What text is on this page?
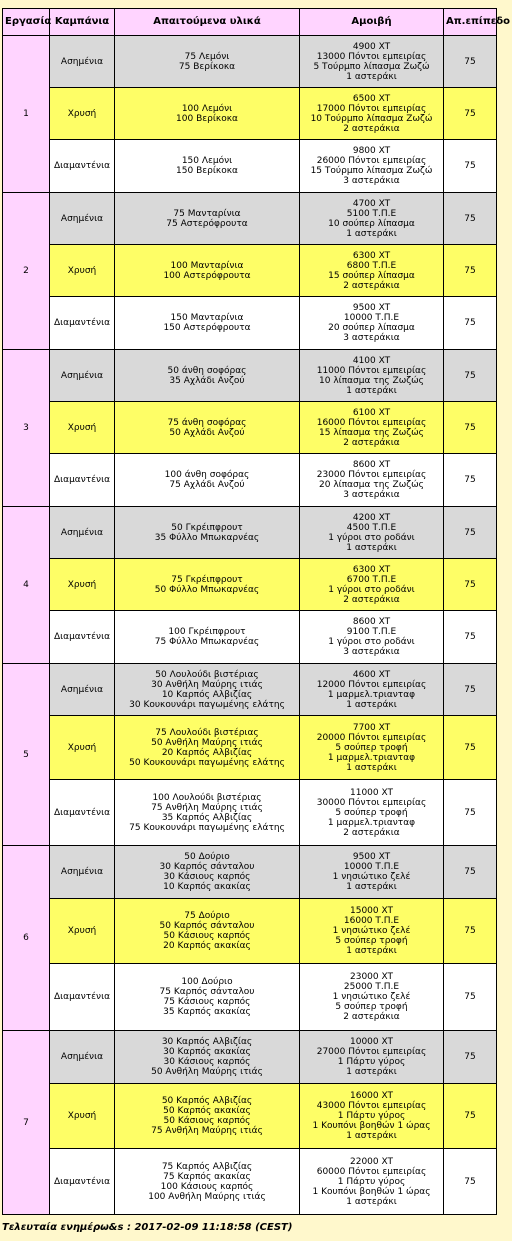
Εργασία	Καμπάνια	Απαιτούμενα υλικά	Αμοιβή	Απ.επίπεδο
1	Ασημένια	75 Λεμόνι
75 Βερίκοκα	4900 XT
13000 Πόντοι εμπειρίας
5 Τούρμπο λίπασμα Ζωζώ
1 αστεράκι	75
	Χρυσή	100 Λεμόνι
100 Βερίκοκα	6500 XT
17000 Πόντοι εμπειρίας
10 Τούρμπο λίπασμα Ζωζώ
2 αστεράκια	75
	Διαμαντένια	150 Λεμόνι
150 Βερίκοκα	9800 XT
26000 Πόντοι εμπειρίας
15 Τούρμπο λίπασμα Ζωζώ
3 αστεράκια	75
2	Ασημένια	75 Μανταρίνια
75 Αστερόφρουτα	4700 XT
5100 Τ.Π.Ε
10 σούπερ λίπασμα
1 αστεράκι	75
	Χρυσή	100 Μανταρίνια
100 Αστερόφρουτα	6300 XT
6800 Τ.Π.Ε
15 σούπερ λίπασμα
2 αστεράκια	75
	Διαμαντένια	150 Μανταρίνια
150 Αστερόφρουτα	9500 XT
10000 Τ.Π.Ε
20 σούπερ λίπασμα
3 αστεράκια	75
3	Ασημένια	50 άνθη σοφόρας
35 Αχλάδι Ανζού	4100 XT
11000 Πόντοι εμπειρίας
10 λίπασμα της Ζωζώς
1 αστεράκι	75
	Χρυσή	75 άνθη σοφόρας
50 Αχλάδι Ανζού	6100 XT
16000 Πόντοι εμπειρίας
15 λίπασμα της Ζωζώς
2 αστεράκια	75
	Διαμαντένια	100 άνθη σοφόρας
75 Αχλάδι Ανζού	8600 XT
23000 Πόντοι εμπειρίας
20 λίπασμα της Ζωζώς
3 αστεράκια	75
4	Ασημένια	50 Γκρέιπφρουτ
35 Φύλλο Μπωκαρνέας	4200 XT
4500 Τ.Π.Ε
1 γύροι στο ροδάνι
1 αστεράκι	75
	Χρυσή	75 Γκρέιπφρουτ
50 Φύλλο Μπωκαρνέας	6300 XT
6700 Τ.Π.Ε
1 γύροι στο ροδάνι
2 αστεράκια	75
	Διαμαντένια	100 Γκρέιπφρουτ
75 Φύλλο Μπωκαρνέας	8600 XT
9100 Τ.Π.Ε
1 γύροι στο ροδάνι
3 αστεράκια	75
5	Ασημένια	50 Λουλούδι βιστέριας
30 Ανθήλη Μαύρης ιτιάς
10 Καρπός Αλβιζίας
30 Κουκουνάρι παγωμένης ελάτης	4600 XT
12000 Πόντοι εμπειρίας
1 μαρμελ.τριανταφ
1 αστεράκι	75
	Χρυσή	75 Λουλούδι βιστέριας
50 Ανθήλη Μαύρης ιτιάς
20 Καρπός Αλβιζίας
50 Κουκουνάρι παγωμένης ελάτης	7700 XT
20000 Πόντοι εμπειρίας
5 σούπερ τροφή
1 μαρμελ.τριανταφ
1 αστεράκι	75
	Διαμαντένια	100 Λουλούδι βιστέριας
75 Ανθήλη Μαύρης ιτιάς
35 Καρπός Αλβιζίας
75 Κουκουνάρι παγωμένης ελάτης	11000 XT
30000 Πόντοι εμπειρίας
5 σούπερ τροφή
1 μαρμελ.τριανταφ
2 αστεράκια	75
6	Ασημένια	50 Δούριο
30 Καρπός σάνταλου
30 Κάσιους καρπός
10 Καρπός ακακίας	9500 XT
10000 Τ.Π.Ε
1 νησιώτικο ζελέ
1 αστεράκι	75
	Χρυσή	75 Δούριο
50 Καρπός σάνταλου
50 Κάσιους καρπός
20 Καρπός ακακίας	15000 XT
16000 Τ.Π.Ε
1 νησιώτικο ζελέ
5 σούπερ τροφή
1 αστεράκι	75
	Διαμαντένια	100 Δούριο
75 Καρπός σάνταλου
75 Κάσιους καρπός
35 Καρπός ακακίας	23000 XT
25000 Τ.Π.Ε
1 νησιώτικο ζελέ
5 σούπερ τροφή
2 αστεράκια	75
7	Ασημένια	30 Καρπός Αλβιζίας
30 Καρπός ακακίας
30 Κάσιους καρπός
50 Ανθήλη Μαύρης ιτιάς	10000 XT
27000 Πόντοι εμπειρίας
1 Πάρτυ γύρος
1 αστεράκι	75
	Χρυσή	50 Καρπός Αλβιζίας
50 Καρπός ακακίας
50 Κάσιους καρπός
75 Ανθήλη Μαύρης ιτιάς	16000 XT
43000 Πόντοι εμπειρίας
1 Πάρτυ γύρος
1 Κουπόνι βοηθών 1 ώρας
1 αστεράκι	75
	Διαμαντένια	75 Καρπός Αλβιζίας
75 Καρπός ακακίας
100 Κάσιους καρπός
100 Ανθήλη Μαύρης ιτιάς	22000 XT
60000 Πόντοι εμπειρίας
1 Πάρτυ γύρος
1 Κουπόνι βοηθών 1 ώρας
1 αστεράκι	75
Τελευταία ενημέρω&s : 2017-02-09 11:18:58 (CEST)
